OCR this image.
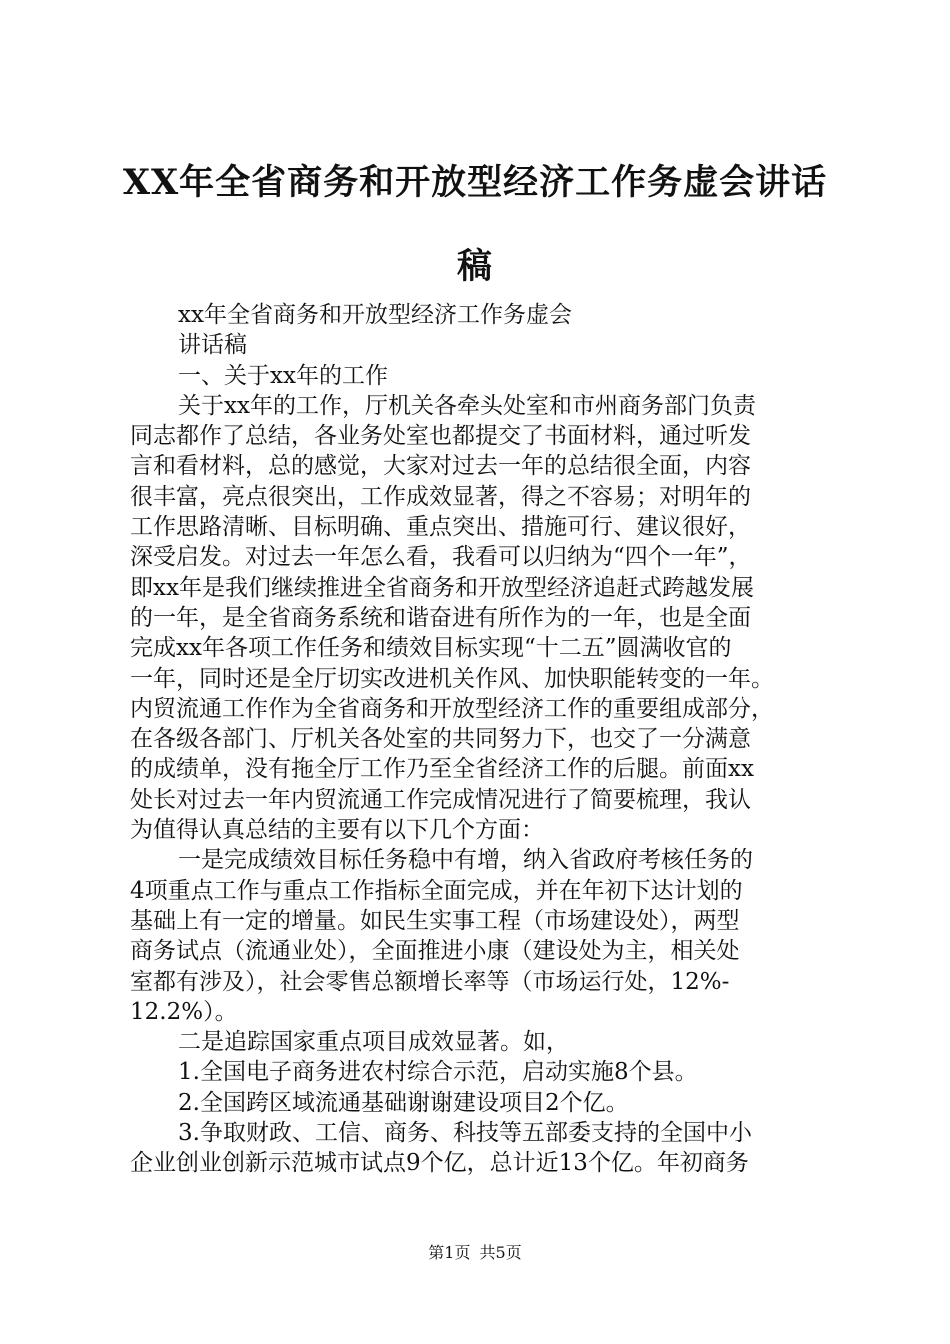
XX年全省商务和开放型经济工作务虚会讲话
稿
xx年全省商务和开放型经济工作务虚会
讲话稿
一、关于xx年的工作
关于xx年的工作，厅机关各牵头处室和市州商务部门负责
同志都作了总结，各业务处室也都提交了书面材料，通过听发
言和看材料，总的感觉，大家对过去一年的总结很全面，内容
很丰富，亮点很突出，工作成效显著，得之不容易；对明年的
工作思路清晰、目标明确、重点突出、措施可行、建议很好，
深受启发。对过去一年怎么看，我看可以归纳为“四个一年”，
即xx年是我们继续推进全省商务和开放型经济追赶式跨越发展
的一年，是全省商务系统和谐奋进有所作为的一年，也是全面
完成xx年各项工作任务和绩效目标实现“十二五”圆满收官的
一年，同时还是全厅切实改进机关作风、加快职能转变的一年。
内贸流通工作作为全省商务和开放型经济工作的重要组成部分，
在各级各部门、厅机关各处室的共同努力下，也交了一分满意
的成绩单，没有拖全厅工作乃至全省经济工作的后腿。前面xx
处长对过去一年内贸流通工作完成情况进行了简要梳理，我认
为值得认真总结的主要有以下几个方面：
一是完成绩效目标任务稳中有增，纳入省政府考核任务的
4项重点工作与重点工作指标全面完成，并在年初下达计划的
基础上有一定的增量。如民生实事工程（市场建设处），两型
商务试点（流通业处），全面推进小康（建设处为主，相关处
室都有涉及），社会零售总额增长率等（市场运行处，12%-
12.2%）。
二是追踪国家重点项目成效显著。如，
1.全国电子商务进农村综合示范，启动实施8个县。
2.全国跨区域流通基础谢谢建设项目2个亿。
3.争取财政、工信、商务、科技等五部委支持的全国中小
企业创业创新示范城市试点9个亿，总计近13个亿。年初商务
第1页 共5页
